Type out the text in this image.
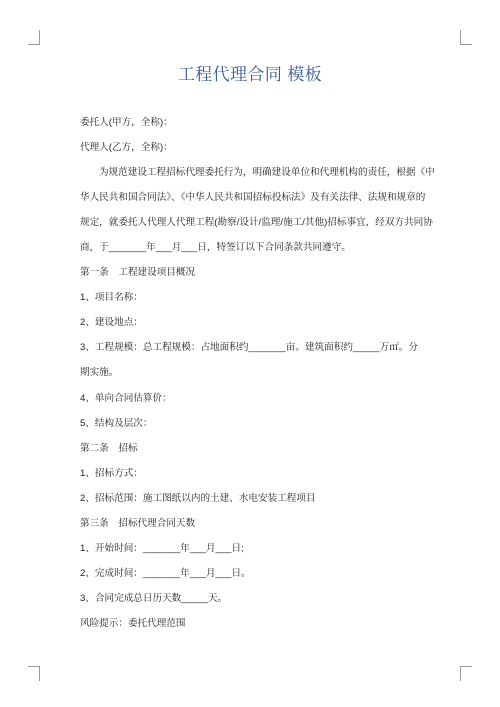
工程代理合同 模板
委托人(甲方，全称)：
代理人(乙方，全称)：
为规范建设工程招标代理委托行为，明确建设单位和代理机构的责任，根据《中
华人民共和国合同法》、《中华人民共和国招标投标法》及有关法律、法规和规章的
规定，就委托人代理人代理工程(勘察/设计/监理/施工/其他)招标事宜，经双方共同协
商，于_______年___月___日，特签订以下合同条款共同遵守。
第一条　工程建设项目概况
1、项目名称：
2、建设地点：
3、工程规模：总工程规模：占地面积约_______亩。建筑面积约_____万㎡。分
期实施。
4、单向合同估算价：
5、结构及层次：
第二条　招标
1、招标方式：
2、招标范围：施工图纸以内的土建、水电安装工程项目
第三条　招标代理合同天数
1、开始时间：_______年___月___日;
2、完成时间：_______年___月___日。
3、合同完成总日历天数_____天。
风险提示：委托代理范围
